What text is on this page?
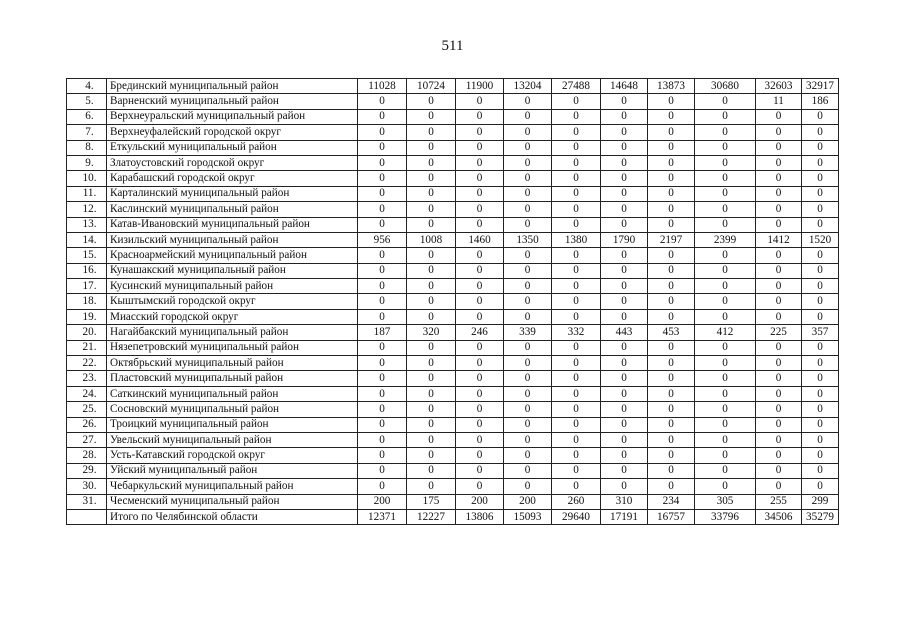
511
4.	Брединский муниципальный район	11028	10724	11900	13204	27488	14648	13873	30680	32603	32917
5.	Варненский муниципальный район	0	0	0	0	0	0	0	0	11	186
6.	Верхнеуральский муниципальный район	0	0	0	0	0	0	0	0	0	0
7.	Верхнеуфалейский городской округ	0	0	0	0	0	0	0	0	0	0
8.	Еткульский муниципальный район	0	0	0	0	0	0	0	0	0	0
9.	Златоустовский городской округ	0	0	0	0	0	0	0	0	0	0
10.	Карабашский городской округ	0	0	0	0	0	0	0	0	0	0
11.	Карталинский муниципальный район	0	0	0	0	0	0	0	0	0	0
12.	Каслинский муниципальный район	0	0	0	0	0	0	0	0	0	0
13.	Катав-Ивановский муниципальный район	0	0	0	0	0	0	0	0	0	0
14.	Кизильский муниципальный район	956	1008	1460	1350	1380	1790	2197	2399	1412	1520
15.	Красноармейский муниципальный район	0	0	0	0	0	0	0	0	0	0
16.	Кунашакский муниципальный район	0	0	0	0	0	0	0	0	0	0
17.	Кусинский муниципальный район	0	0	0	0	0	0	0	0	0	0
18.	Кыштымский городской округ	0	0	0	0	0	0	0	0	0	0
19.	Миасский городской округ	0	0	0	0	0	0	0	0	0	0
20.	Нагайбакский муниципальный район	187	320	246	339	332	443	453	412	225	357
21.	Нязепетровский муниципальный район	0	0	0	0	0	0	0	0	0	0
22.	Октябрьский муниципальный район	0	0	0	0	0	0	0	0	0	0
23.	Пластовский муниципальный район	0	0	0	0	0	0	0	0	0	0
24.	Саткинский муниципальный район	0	0	0	0	0	0	0	0	0	0
25.	Сосновский муниципальный район	0	0	0	0	0	0	0	0	0	0
26.	Троицкий муниципальный район	0	0	0	0	0	0	0	0	0	0
27.	Увельский муниципальный район	0	0	0	0	0	0	0	0	0	0
28.	Усть-Катавский городской округ	0	0	0	0	0	0	0	0	0	0
29.	Уйский муниципальный район	0	0	0	0	0	0	0	0	0	0
30.	Чебаркульский муниципальный район	0	0	0	0	0	0	0	0	0	0
31.	Чесменский муниципальный район	200	175	200	200	260	310	234	305	255	299
	Итого по Челябинской области	12371	12227	13806	15093	29640	17191	16757	33796	34506	35279
